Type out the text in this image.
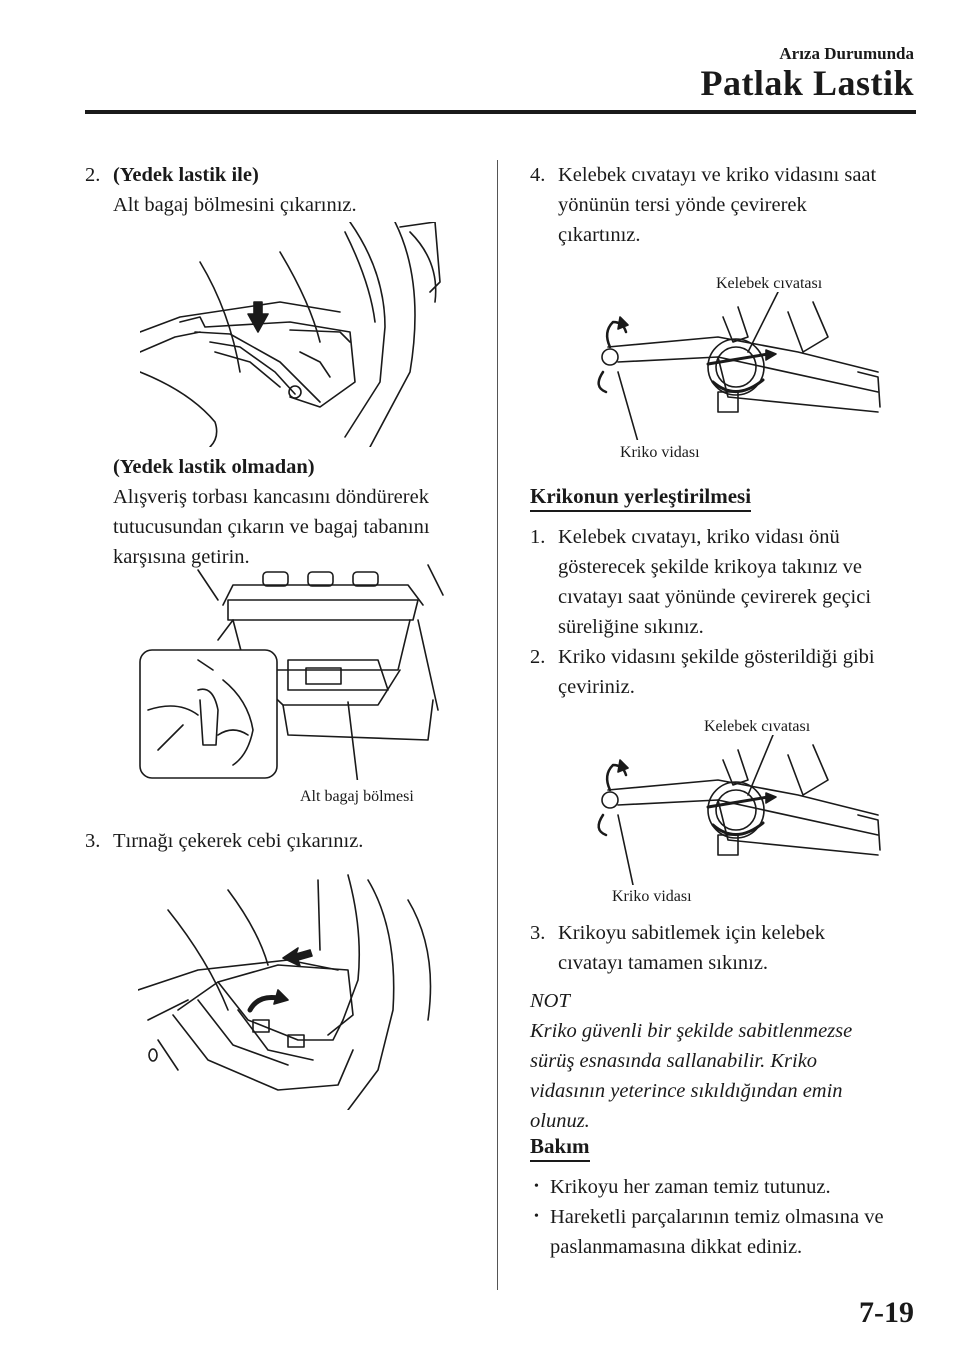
Arıza Durumunda
Patlak Lastik
2. (Yedek lastik ile)
Alt bagaj bölmesini çıkarınız.
(Yedek lastik olmadan)
Alışveriş torbası kancasını döndürerek
tutucusundan çıkarın ve bagaj tabanını
karşısına getirin.
Alt bagaj bölmesi
3. Tırnağı çekerek cebi çıkarınız.
4. Kelebek cıvatayı ve kriko vidasını saat
yönünün tersi yönde çevirerek
çıkartınız.
Kelebek cıvatası
Kriko vidası
Krikonun yerleştirilmesi
1. Kelebek cıvatayı, kriko vidası önü
gösterecek şekilde krikoya takınız ve
cıvatayı saat yönünde çevirerek geçici
süreliğine sıkınız.
2. Kriko vidasını şekilde gösterildiği gibi
çeviriniz.
Kelebek cıvatası
Kriko vidası
3. Krikoyu sabitlemek için kelebek
cıvatayı tamamen sıkınız.
NOT
Kriko güvenli bir şekilde sabitlenmezse
sürüş esnasında sallanabilir. Kriko
vidasının yeterince sıkıldığından emin
olunuz.
Bakım
• Krikoyu her zaman temiz tutunuz.
• Hareketli parçalarının temiz olmasına ve
paslanmamasına dikkat ediniz.
7-19
